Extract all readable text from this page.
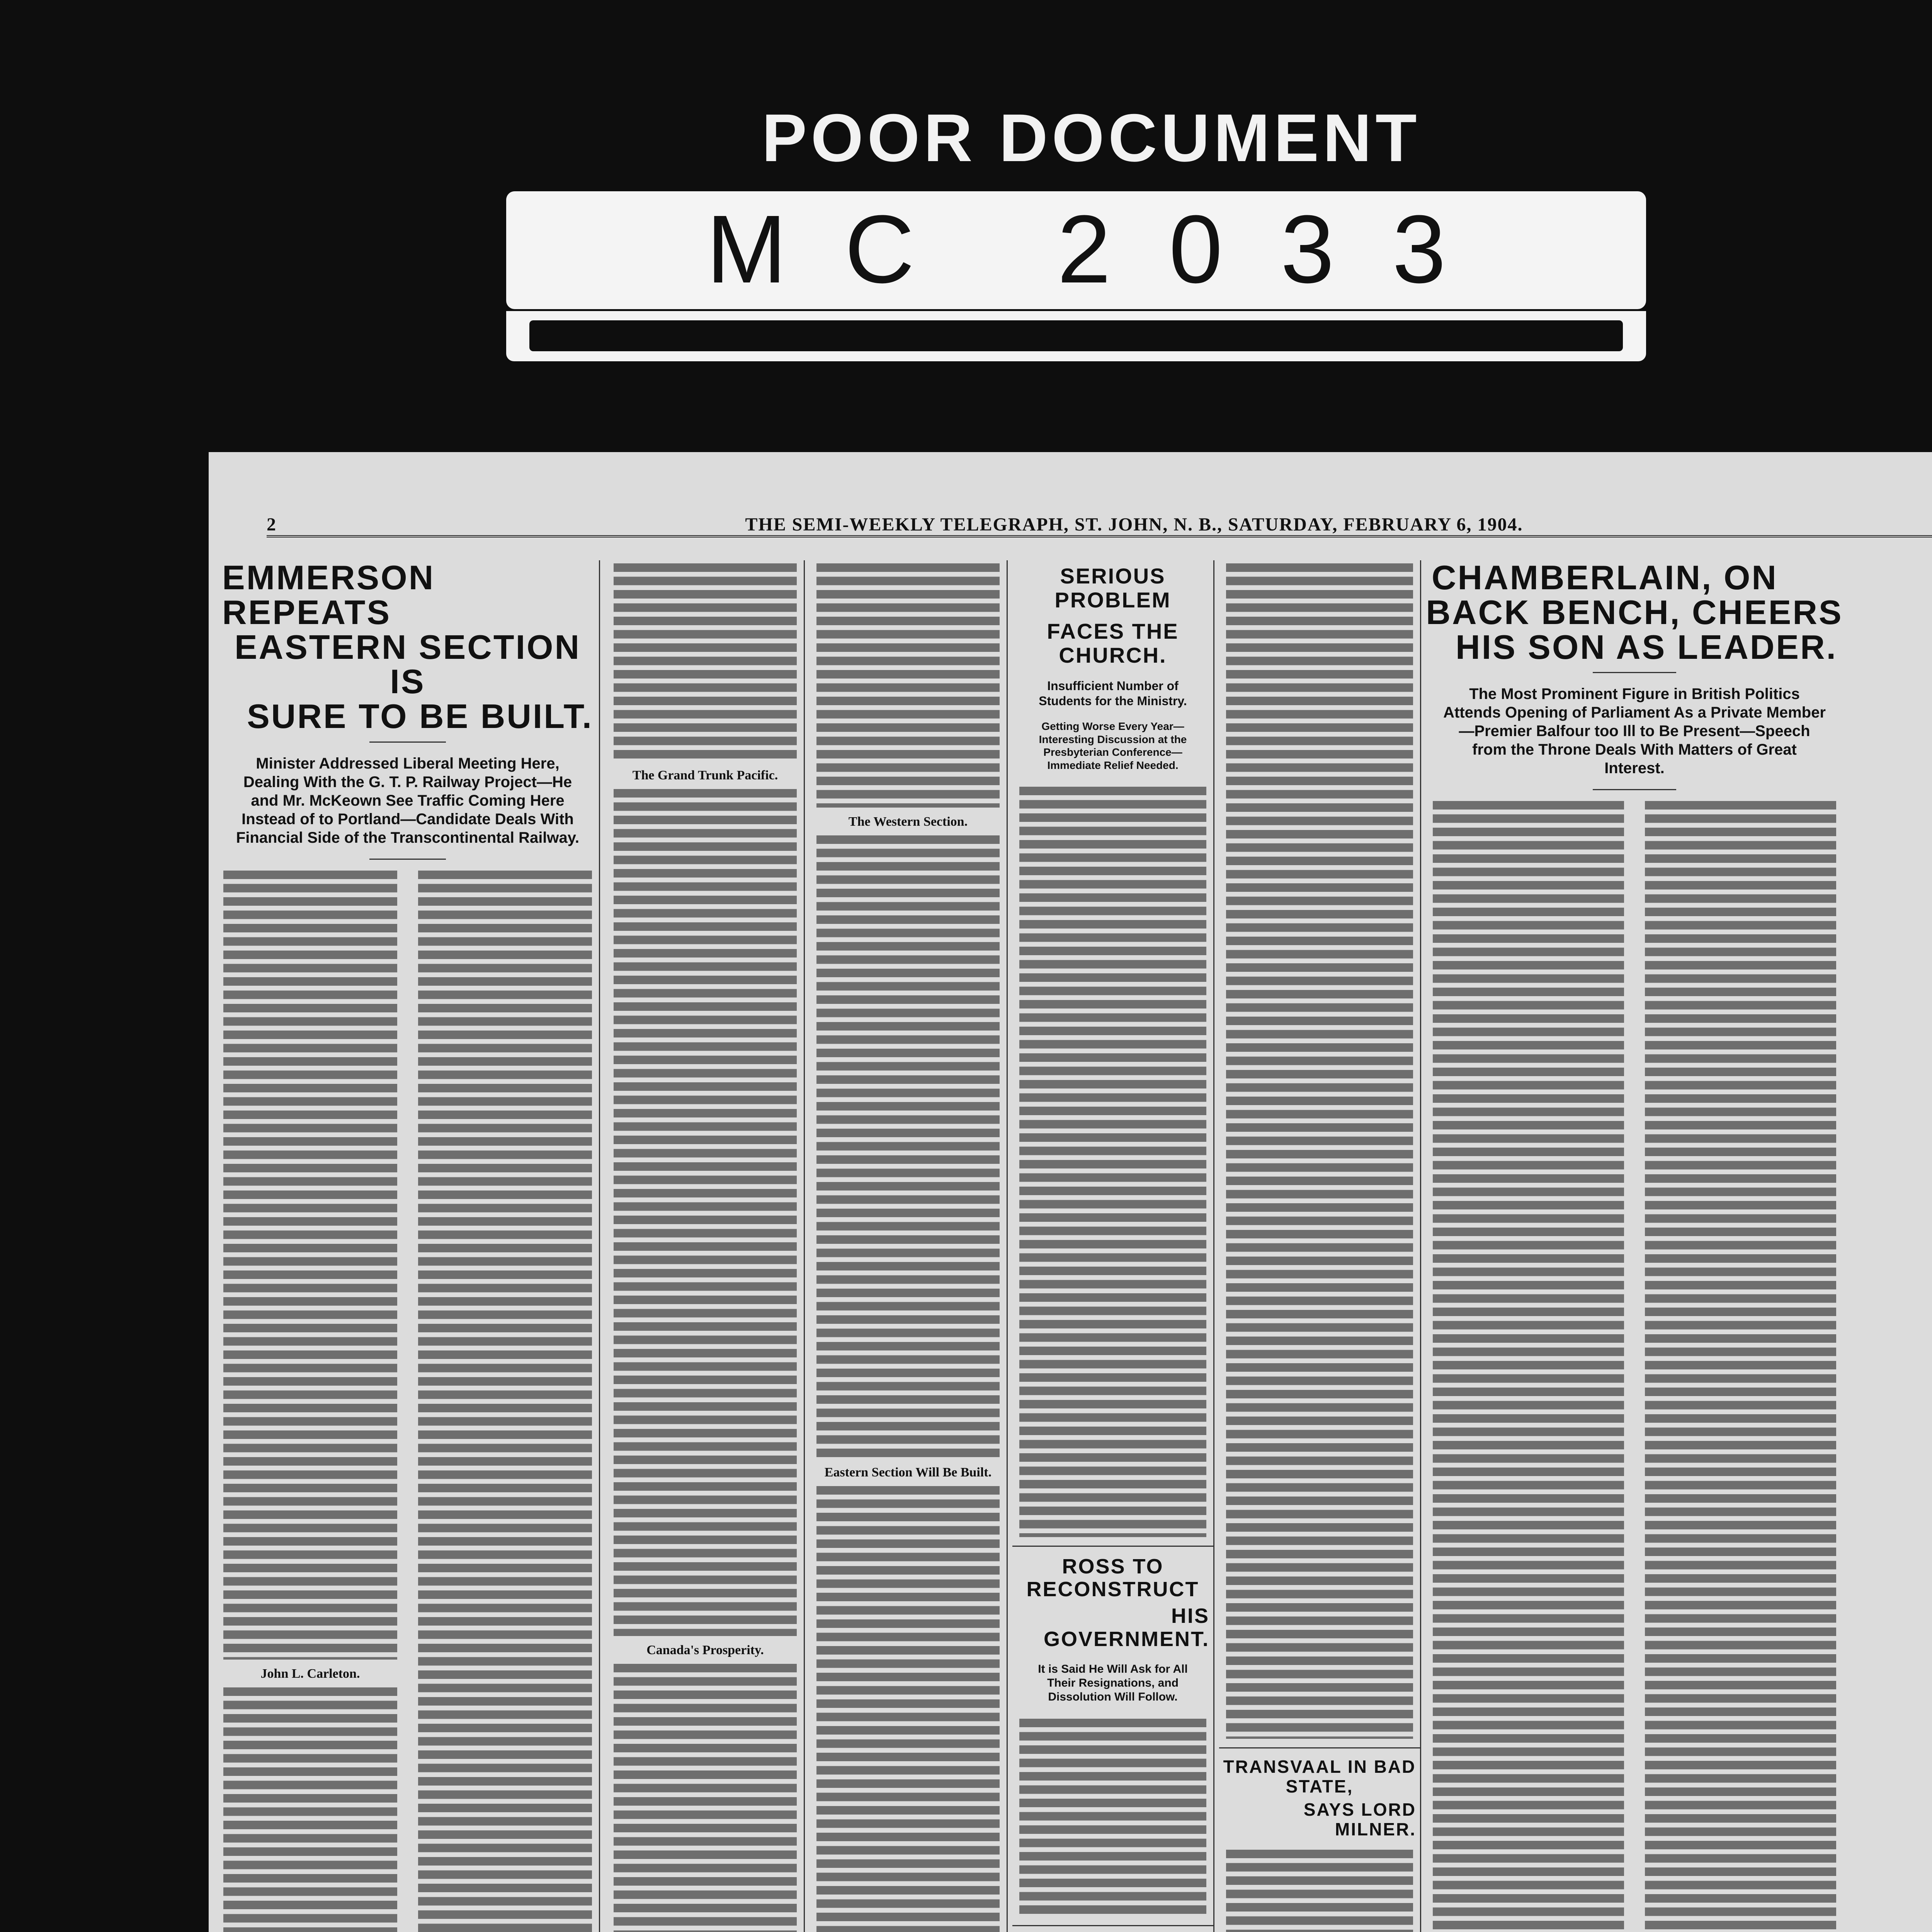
POOR DOCUMENT
MC 2033
2	THE SEMI-WEEKLY TELEGRAPH, ST. JOHN, N. B., SATURDAY, FEBRUARY 6, 1904.
EMMERSON REPEATS
EASTERN SECTION IS
SURE TO BE BUILT.
Minister Addressed Liberal Meeting Here, Dealing With the G. T. P. Railway Project—He and Mr. McKeown See Traffic Coming Here Instead of to Portland—Candidate Deals With Financial Side of the Transcontinental Railway.
John L. Carleton.
The Grand Trunk Pacific.
Canada's Prosperity.
The Western Section.
Eastern Section Will Be Built.
SERIOUS PROBLEM
FACES THE CHURCH.
Insufficient Number of Students for the Ministry.
Getting Worse Every Year—Interesting Discussion at the Presbyterian Conference—Immediate Relief Needed.
ROSS TO RECONSTRUCT
HIS GOVERNMENT.
It is Said He Will Ask for All Their Resignations, and Dissolution Will Follow.
TRANSVAAL IN BAD STATE,
SAYS LORD MILNER.
CHAMBERLAIN, ON
BACK BENCH, CHEERS
HIS SON AS LEADER.
The Most Prominent Figure in British Politics Attends Opening of Parliament As a Private Member—Premier Balfour too Ill to Be Present—Speech from the Throne Deals With Matters of Great Interest.
